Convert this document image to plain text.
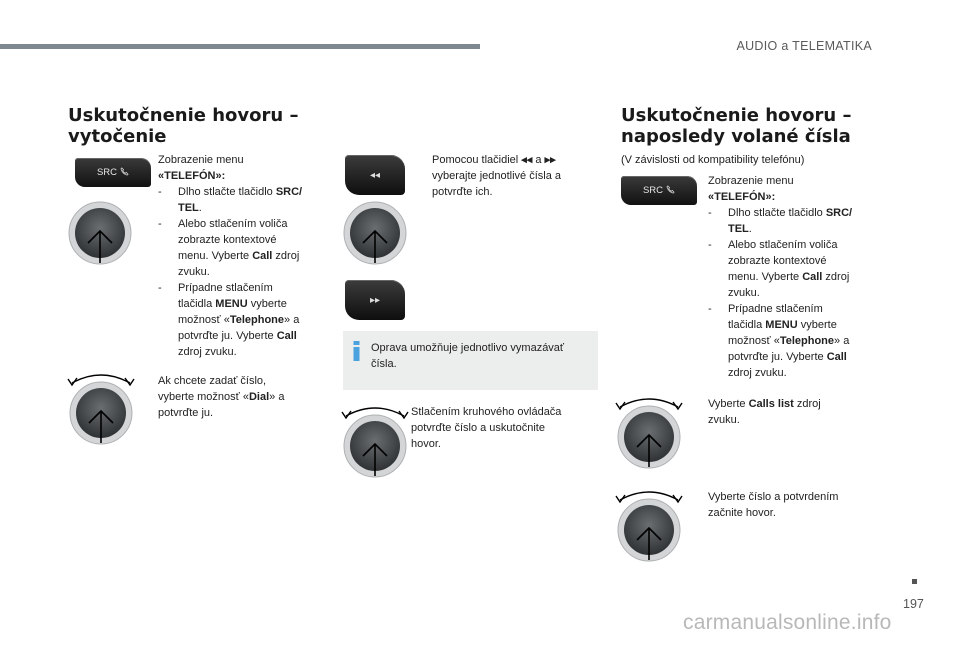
AUDIO a TELEMATIKA
Uskutočnenie hovoru –
vytočenie
SRC
Zobrazenie menu
«TELEFÓN»:
- Dlho stlačte tlačidlo SRC/
TEL.
- Alebo stlačením voliča
zobrazte kontextové
menu. Vyberte Call zdroj
zvuku.
- Prípadne stlačením
tlačidla MENU vyberte
možnosť «Telephone» a
potvrďte ju. Vyberte Call
zdroj zvuku.
Ak chcete zadať číslo,
vyberte možnosť «Dial» a
potvrďte ju.
◂◂
▸▸
Pomocou tlačidiel ◂◂ a ▸▸
vyberajte jednotlivé čísla a
potvrďte ich.
Oprava umožňuje jednotlivo vymazávať
čísla.
Stlačením kruhového ovládača
potvrďte číslo a uskutočnite
hovor.
Uskutočnenie hovoru –
naposledy volané čísla
(V závislosti od kompatibility telefónu)
SRC
Zobrazenie menu
«TELEFÓN»:
- Dlho stlačte tlačidlo SRC/
TEL.
- Alebo stlačením voliča
zobrazte kontextové
menu. Vyberte Call zdroj
zvuku.
- Prípadne stlačením
tlačidla MENU vyberte
možnosť «Telephone» a
potvrďte ju. Vyberte Call
zdroj zvuku.
Vyberte Calls list zdroj
zvuku.
Vyberte číslo a potvrdením
začnite hovor.
197
carmanualsonline.info
